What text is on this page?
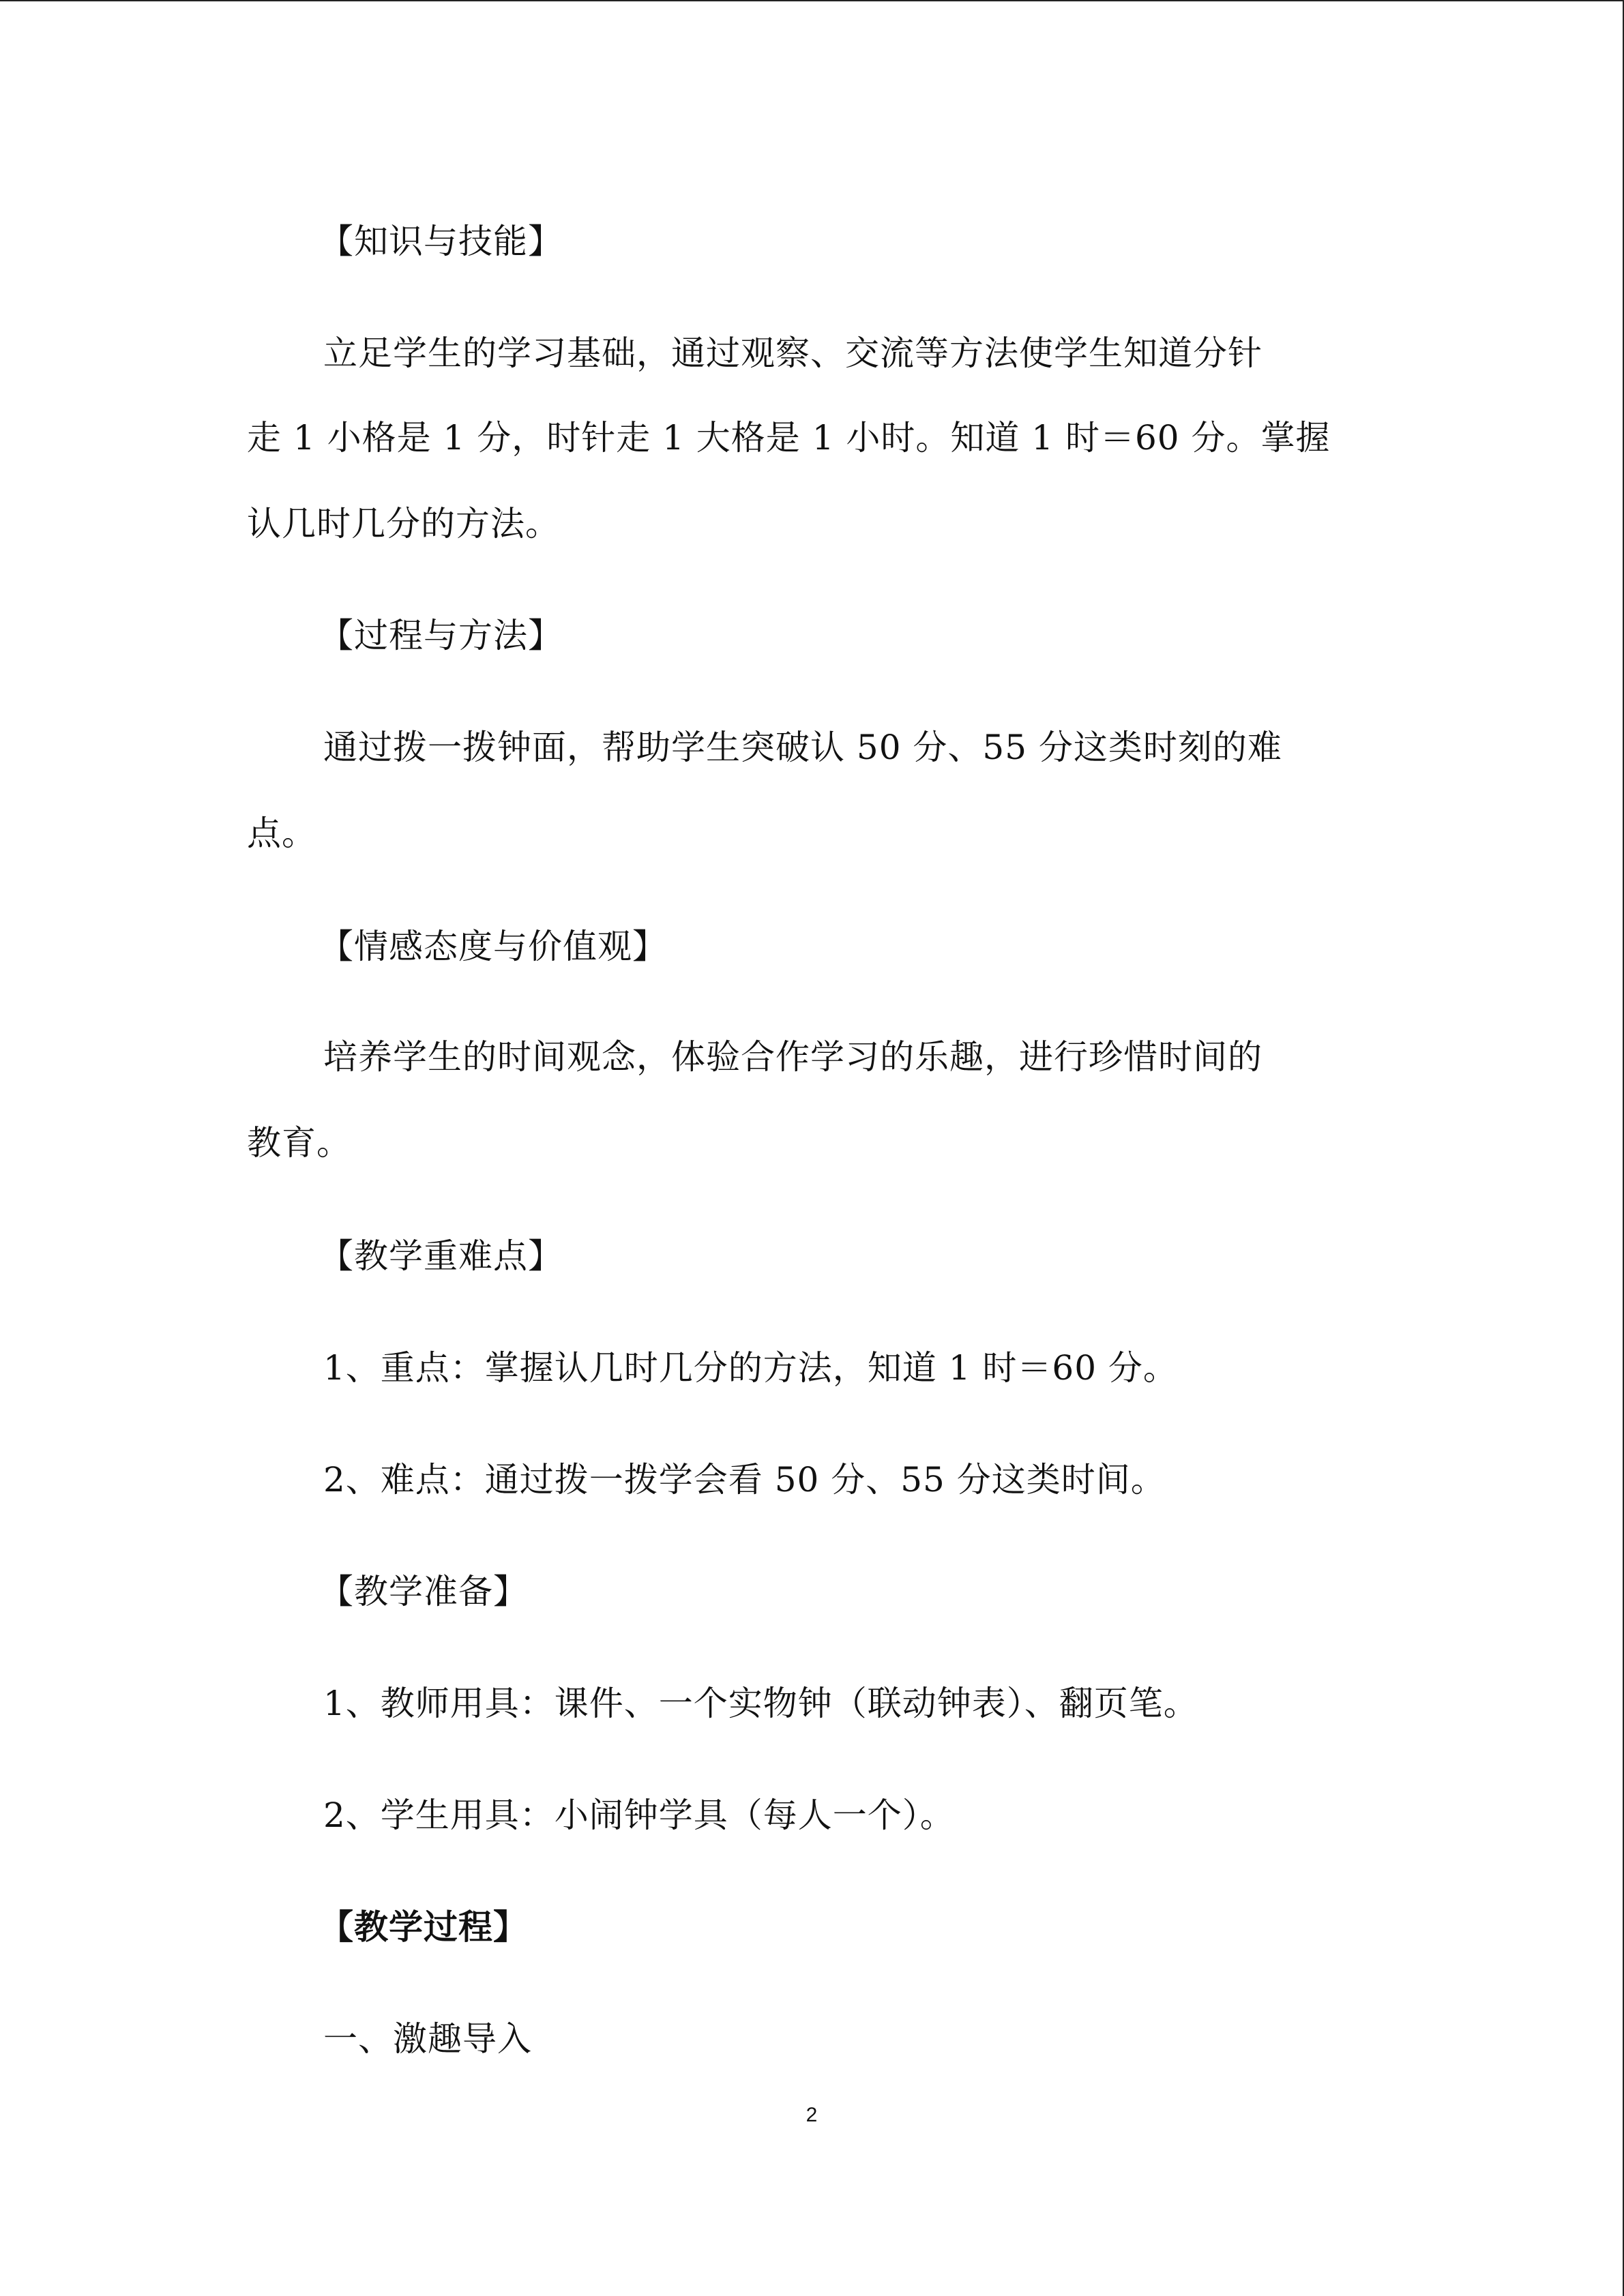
【知识与技能】
立足学生的学习基础，通过观察、交流等方法使学生知道分针
走 1 小格是 1 分，时针走 1 大格是 1 小时。知道 1 时＝60 分。掌握
认几时几分的方法。
【过程与方法】
通过拨一拨钟面，帮助学生突破认 50 分、55 分这类时刻的难
点。
【情感态度与价值观】
培养学生的时间观念，体验合作学习的乐趣，进行珍惜时间的
教育。
【教学重难点】
1、重点：掌握认几时几分的方法，知道 1 时＝60 分。
2、难点：通过拨一拨学会看 50 分、55 分这类时间。
【教学准备】
1、教师用具：课件、一个实物钟（联动钟表）、翻页笔。
2、学生用具：小闹钟学具（每人一个）。
【教学过程】
一、激趣导入
2
